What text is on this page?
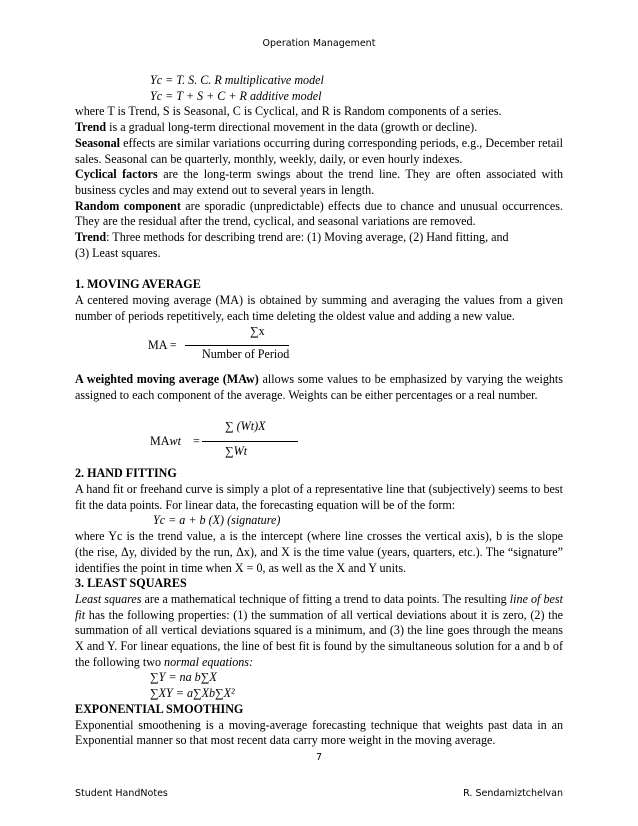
Operation Management

Yc = T. S. C. R multiplicative model

Yc = T + S + C + R additive model

where T is Trend, S is Seasonal, C is Cyclical, and R is Random components of a series.

Trend is a gradual long-term directional movement in the data (growth or decline).

Seasonal effects are similar variations occurring during corresponding periods, e.g., December retail sales. Seasonal can be quarterly, monthly, weekly, daily, or even hourly indexes.

Cyclical factors are the long-term swings about the trend line. They are often associated with business cycles and may extend out to several years in length.

Random component are sporadic (unpredictable) effects due to chance and unusual occurrences. They are the residual after the trend, cyclical, and seasonal variations are removed.

Trend: Three methods for describing trend are: (1) Moving average, (2) Hand fitting, and

(3) Least squares.

1. MOVING AVERAGE

A centered moving average (MA) is obtained by summing and averaging the values from a given number of periods repetitively, each time deleting the oldest value and adding a new value.

MA =
∑x
Number of Period

A weighted moving average (MAw) allows some values to be emphasized by varying the weights assigned to each component of the average. Weights can be either percentages or a real number.

MAwt =
∑ (Wt)X
∑Wt

2. HAND FITTING

A hand fit or freehand curve is simply a plot of a representative line that (subjectively) seems to best fit the data points. For linear data, the forecasting equation will be of the form:

Yc = a + b (X) (signature)

where Yc is the trend value, a is the intercept (where line crosses the vertical axis), b is the slope (the rise, Δy, divided by the run, Δx), and X is the time value (years, quarters, etc.). The “signature” identifies the point in time when X = 0, as well as the X and Y units.

3. LEAST SQUARES

Least squares are a mathematical technique of fitting a trend to data points. The resulting line of best fit has the following properties: (1) the summation of all vertical deviations about it is zero, (2) the summation of all vertical deviations squared is a minimum, and (3) the line goes through the means X and Y. For linear equations, the line of best fit is found by the simultaneous solution for a and b of the following two normal equations:

∑Y = na b∑X

∑XY = a∑Xb∑X²

EXPONENTIAL SMOOTHING

Exponential smoothening is a moving-average forecasting technique that weights past data in an Exponential manner so that most recent data carry more weight in the moving average.

7
Student HandNotes	R. Sendamiztchelvan
